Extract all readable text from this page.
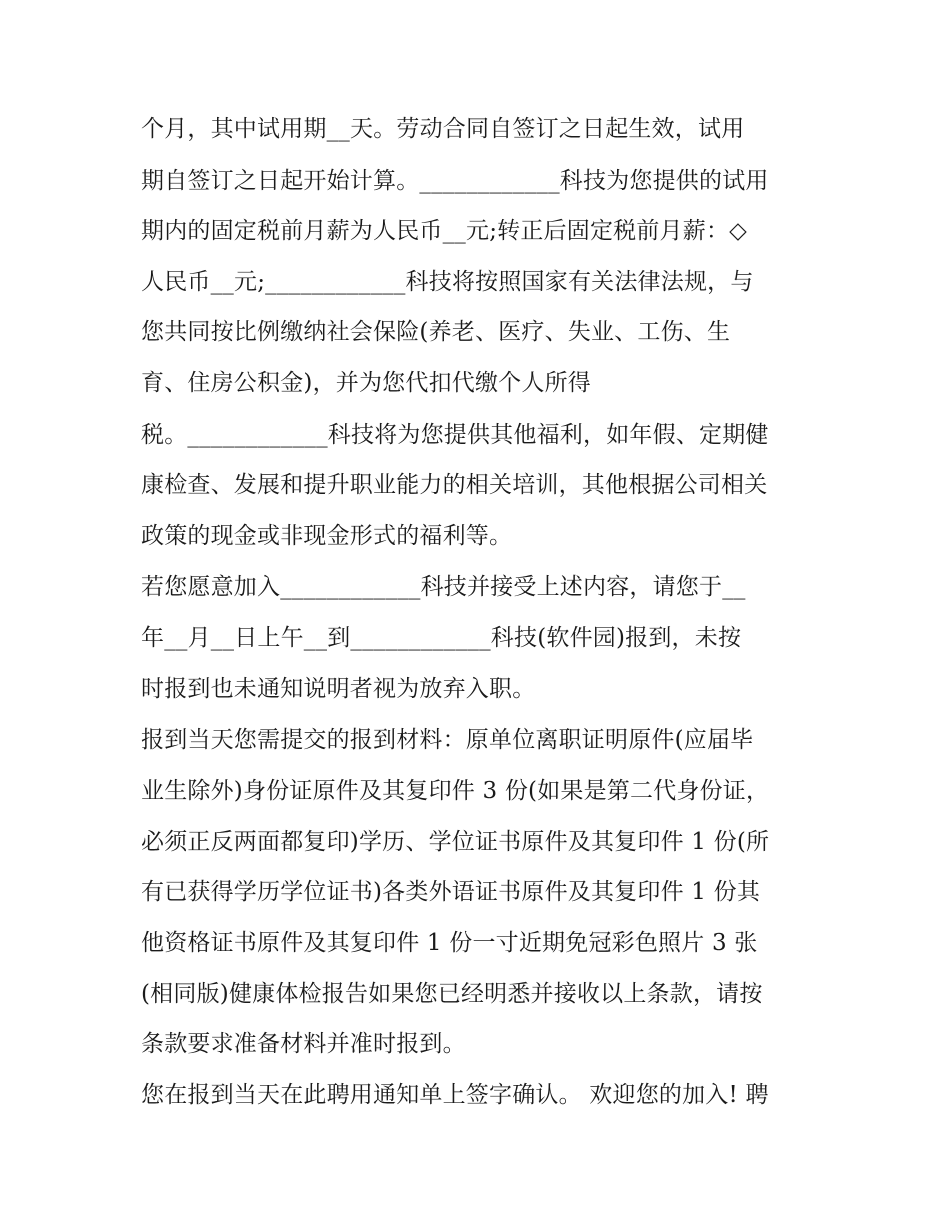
个月，其中试用期__天。劳动合同自签订之日起生效，试用
期自签订之日起开始计算。____________科技为您提供的试用
期内的固定税前月薪为人民币__元;转正后固定税前月薪：◇
人民币__元;____________科技将按照国家有关法律法规，与
您共同按比例缴纳社会保险(养老、医疗、失业、工伤、生
育、住房公积金)，并为您代扣代缴个人所得
税。____________科技将为您提供其他福利，如年假、定期健
康检查、发展和提升职业能力的相关培训，其他根据公司相关
政策的现金或非现金形式的福利等。
若您愿意加入____________科技并接受上述内容，请您于__
年__月__日上午__到____________科技(软件园)报到，未按
时报到也未通知说明者视为放弃入职。
报到当天您需提交的报到材料：原单位离职证明原件(应届毕
业生除外)身份证原件及其复印件 3 份(如果是第二代身份证，
必须正反两面都复印)学历、学位证书原件及其复印件 1 份(所
有已获得学历学位证书)各类外语证书原件及其复印件 1 份其
他资格证书原件及其复印件 1 份一寸近期免冠彩色照片 3 张
(相同版)健康体检报告如果您已经明悉并接收以上条款，请按
条款要求准备材料并准时报到。
您在报到当天在此聘用通知单上签字确认。 欢迎您的加入! 聘
